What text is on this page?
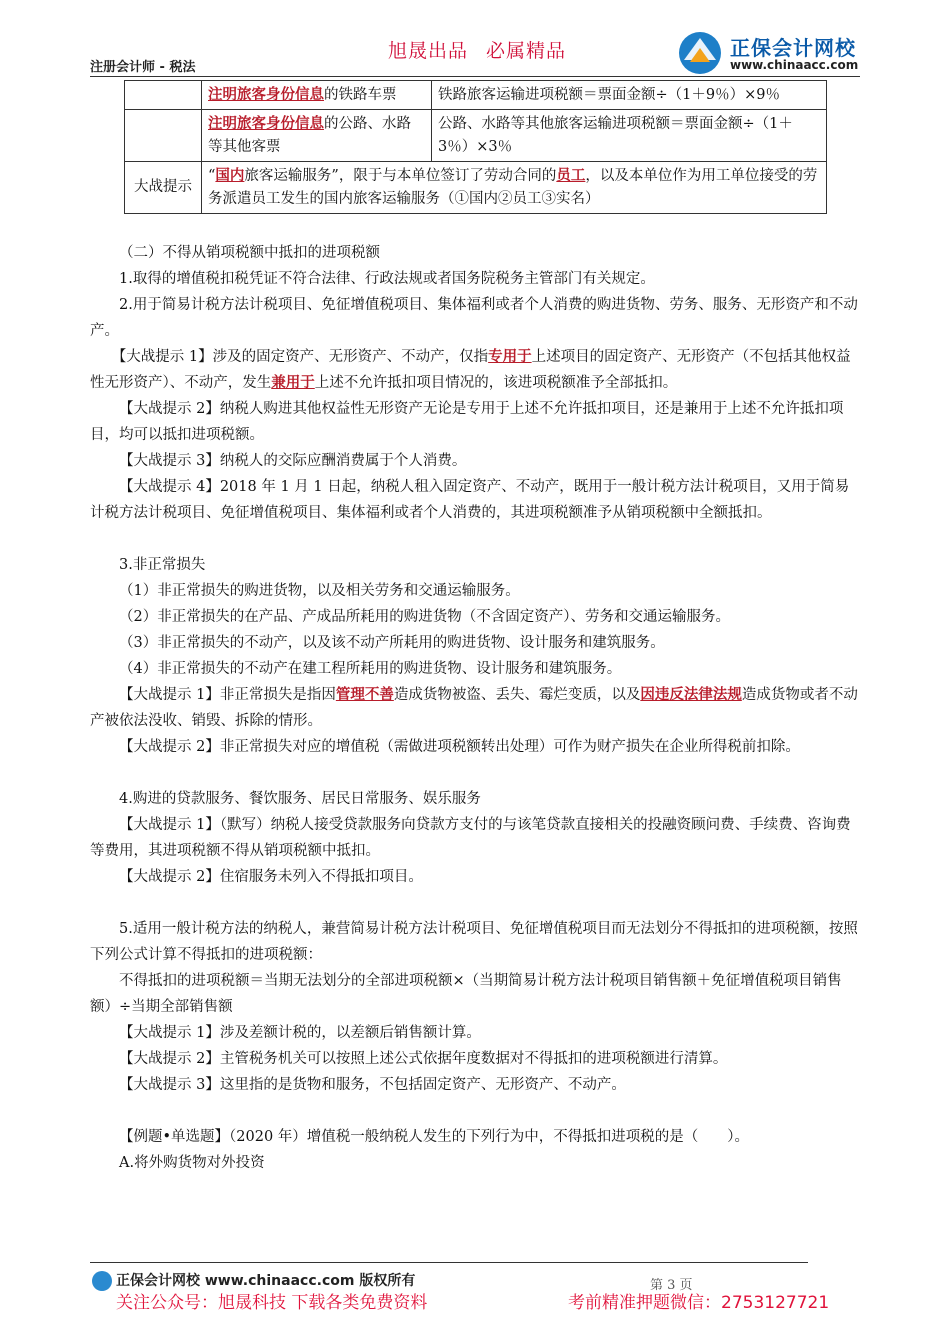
注册会计师 - 税法
旭晟出品 必属精品	正保会计网校
www.chinaacc.com
	注明旅客身份信息的铁路车票	铁路旅客运输进项税额＝票面金额÷（1＋9％）×9％
	注明旅客身份信息的公路、水路等其他客票	公路、水路等其他旅客运输进项税额＝票面金额÷（1＋3％）×3％
大战提示	“国内旅客运输服务”，限于与本单位签订了劳动合同的员工，以及本单位作为用工单位接受的劳务派遣员工发生的国内旅客运输服务（①国内②员工③实名）	

（二）不得从销项税额中抵扣的进项税额

1.取得的增值税扣税凭证不符合法律、行政法规或者国务院税务主管部门有关规定。

2.用于简易计税方法计税项目、免征增值税项目、集体福利或者个人消费的购进货物、劳务、服务、无形资产和不动产。

【大战提示 1】涉及的固定资产、无形资产、不动产，仅指专用于上述项目的固定资产、无形资产（不包括其他权益性无形资产）、不动产，发生兼用于上述不允许抵扣项目情况的，该进项税额准予全部抵扣。

【大战提示 2】纳税人购进其他权益性无形资产无论是专用于上述不允许抵扣项目，还是兼用于上述不允许抵扣项目，均可以抵扣进项税额。

【大战提示 3】纳税人的交际应酬消费属于个人消费。

【大战提示 4】2018 年 1 月 1 日起，纳税人租入固定资产、不动产，既用于一般计税方法计税项目，又用于简易计税方法计税项目、免征增值税项目、集体福利或者个人消费的，其进项税额准予从销项税额中全额抵扣。

3.非正常损失

（1）非正常损失的购进货物，以及相关劳务和交通运输服务。

（2）非正常损失的在产品、产成品所耗用的购进货物（不含固定资产）、劳务和交通运输服务。

（3）非正常损失的不动产，以及该不动产所耗用的购进货物、设计服务和建筑服务。

（4）非正常损失的不动产在建工程所耗用的购进货物、设计服务和建筑服务。

【大战提示 1】非正常损失是指因管理不善造成货物被盗、丢失、霉烂变质，以及因违反法律法规造成货物或者不动产被依法没收、销毁、拆除的情形。

【大战提示 2】非正常损失对应的增值税（需做进项税额转出处理）可作为财产损失在企业所得税前扣除。

4.购进的贷款服务、餐饮服务、居民日常服务、娱乐服务

【大战提示 1】（默写）纳税人接受贷款服务向贷款方支付的与该笔贷款直接相关的投融资顾问费、手续费、咨询费等费用，其进项税额不得从销项税额中抵扣。

【大战提示 2】住宿服务未列入不得抵扣项目。

5.适用一般计税方法的纳税人，兼营简易计税方法计税项目、免征增值税项目而无法划分不得抵扣的进项税额，按照下列公式计算不得抵扣的进项税额：

不得抵扣的进项税额＝当期无法划分的全部进项税额×（当期简易计税方法计税项目销售额＋免征增值税项目销售额）÷当期全部销售额

【大战提示 1】涉及差额计税的，以差额后销售额计算。

【大战提示 2】主管税务机关可以按照上述公式依据年度数据对不得抵扣的进项税额进行清算。

【大战提示 3】这里指的是货物和服务，不包括固定资产、无形资产、不动产。

【例题•单选题】（2020 年）增值税一般纳税人发生的下列行为中，不得抵扣进项税的是（　　）。

A.将外购货物对外投资

正保会计网校 www.chinaacc.com 版权所有	第 3 页
关注公众号：旭晟科技 下载各类免费资料	考前精准押题微信：2753127721
